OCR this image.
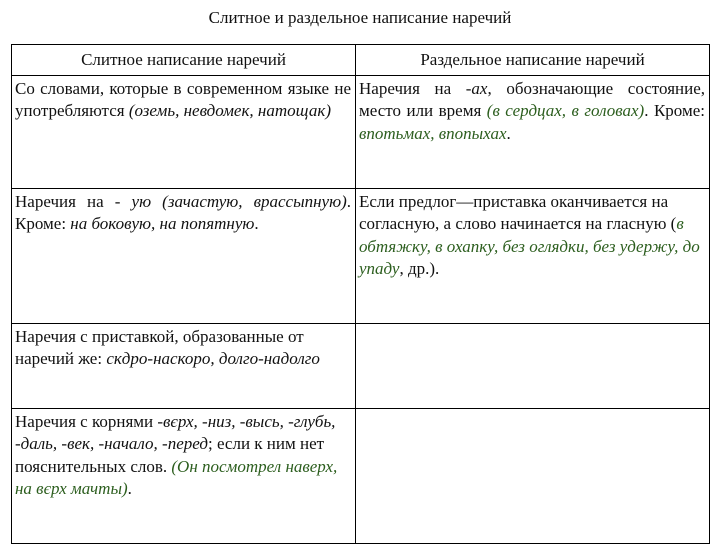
Слитное и раздельное написание наречий
Слитное написание наречий	Раздельное написание наречий
Со словами, которые в современном языке не употребляются (оземь, невдомек, натощак)	Наречия на -ах, обозначающие состояние, место или время (в сердцах, в головах). Кроме: впотьмах, впопыхах.
Наречия на - ую (зачастую, врассыпную). Кроме: на боковую, на попятную.	Если предлог—приставка оканчивается на согласную, а слово начинается на гласную (в обтяжку, в охапку, без оглядки, без удержу, до упаду, др.).
Наречия с приставкой, образованные от наречий же: скдро-наскоро, долго-надолго	
Наречия с корнями -вєрх, -низ, -высь, -глубь, -даль, -век, -начало, -перед; если к ним нет пояснительных слов. (Он посмотрел наверх, на вєрх мачты).	
